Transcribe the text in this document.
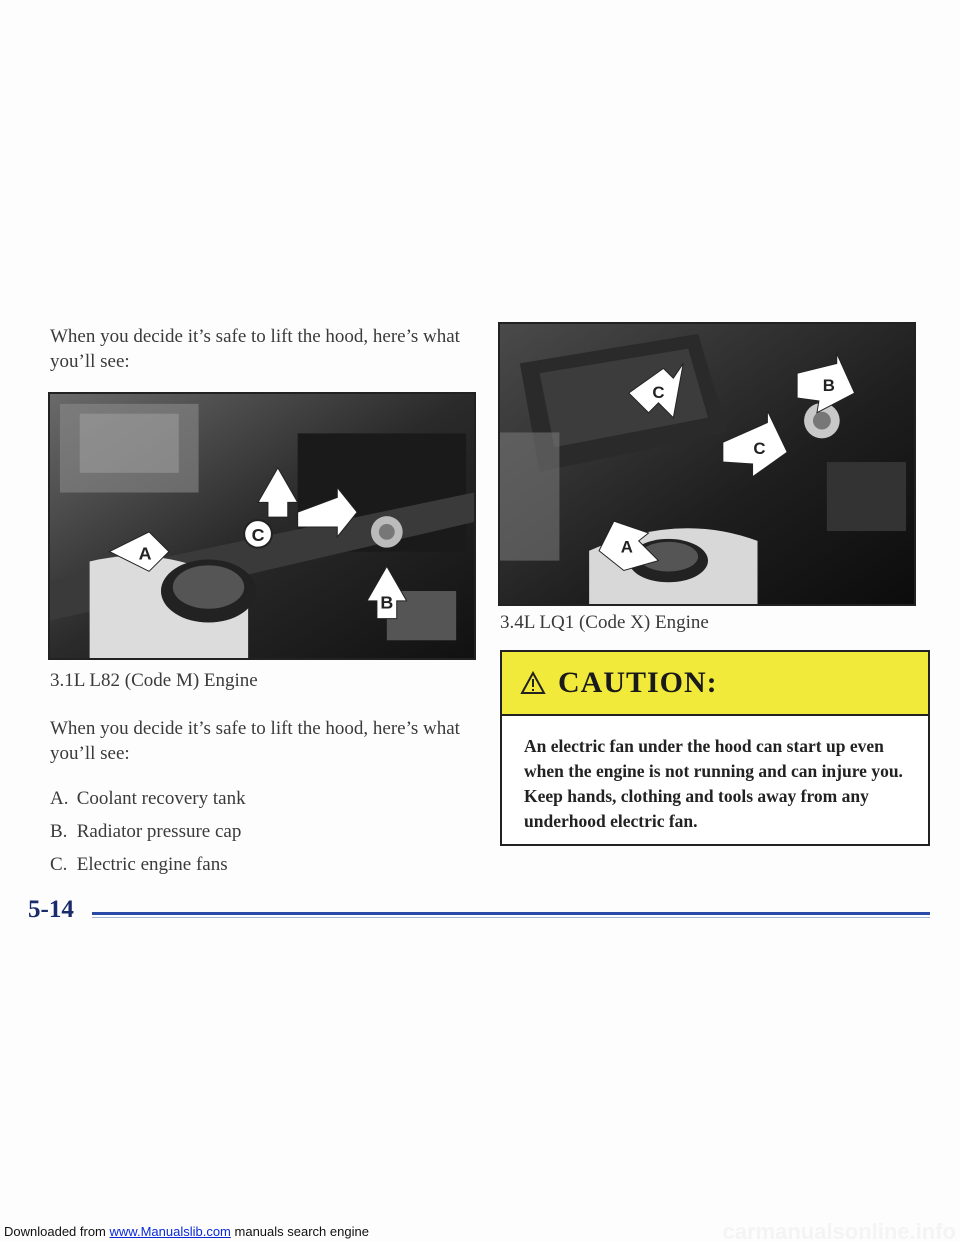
When you decide it’s safe to lift the hood, here’s what you’ll see:
C
A
B
3.1L L82 (Code M) Engine
C	B
C
A
3.4L LQ1 (Code X) Engine
When you decide it’s safe to lift the hood, here’s what you’ll see:
A. Coolant recovery tank
B. Radiator pressure cap
C. Electric engine fans
CAUTION:
An electric fan under the hood can start up even when the engine is not running and can injure you. Keep hands, clothing and tools away from any underhood electric fan.
5-14
Downloaded from www.Manualslib.com manuals search engine	carmanualsonline.info
